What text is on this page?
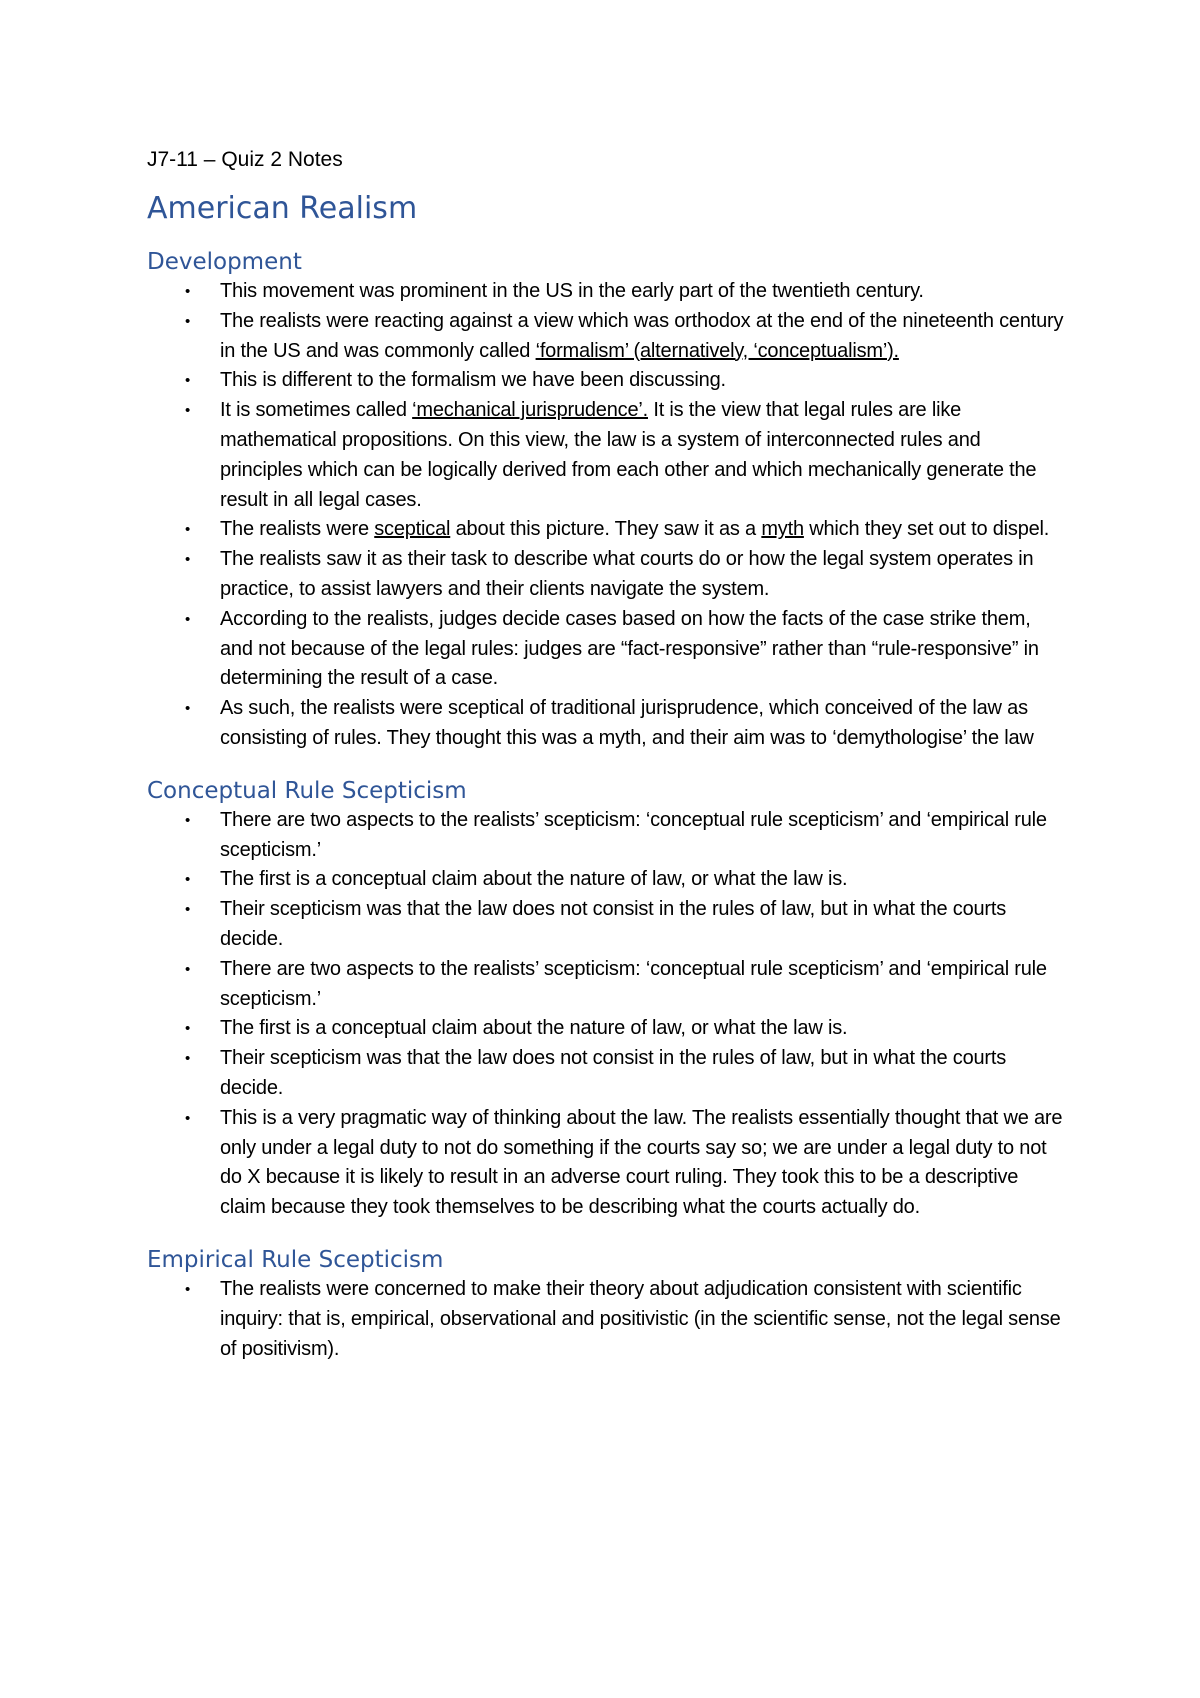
J7-11 – Quiz 2 Notes
American Realism
Development
• This movement was prominent in the US in the early part of the twentieth century.
• The realists were reacting against a view which was orthodox at the end of the nineteenth century in the US and was commonly called ‘formalism’ (alternatively, ‘conceptualism’).
• This is different to the formalism we have been discussing.
• It is sometimes called ‘mechanical jurisprudence’. It is the view that legal rules are like mathematical propositions. On this view, the law is a system of interconnected rules and principles which can be logically derived from each other and which mechanically generate the result in all legal cases.
• The realists were sceptical about this picture. They saw it as a myth which they set out to dispel.
• The realists saw it as their task to describe what courts do or how the legal system operates in practice, to assist lawyers and their clients navigate the system.
• According to the realists, judges decide cases based on how the facts of the case strike them, and not because of the legal rules: judges are “fact-responsive” rather than “rule-responsive” in determining the result of a case.
• As such, the realists were sceptical of traditional jurisprudence, which conceived of the law as consisting of rules. They thought this was a myth, and their aim was to ‘demythologise’ the law
Conceptual Rule Scepticism
• There are two aspects to the realists’ scepticism: ‘conceptual rule scepticism’ and ‘empirical rule scepticism.’
• The first is a conceptual claim about the nature of law, or what the law is.
• Their scepticism was that the law does not consist in the rules of law, but in what the courts decide.
• There are two aspects to the realists’ scepticism: ‘conceptual rule scepticism’ and ‘empirical rule scepticism.’
• The first is a conceptual claim about the nature of law, or what the law is.
• Their scepticism was that the law does not consist in the rules of law, but in what the courts decide.
• This is a very pragmatic way of thinking about the law. The realists essentially thought that we are only under a legal duty to not do something if the courts say so; we are under a legal duty to not do X because it is likely to result in an adverse court ruling. They took this to be a descriptive claim because they took themselves to be describing what the courts actually do.
Empirical Rule Scepticism
• The realists were concerned to make their theory about adjudication consistent with scientific inquiry: that is, empirical, observational and positivistic (in the scientific sense, not the legal sense of positivism).
